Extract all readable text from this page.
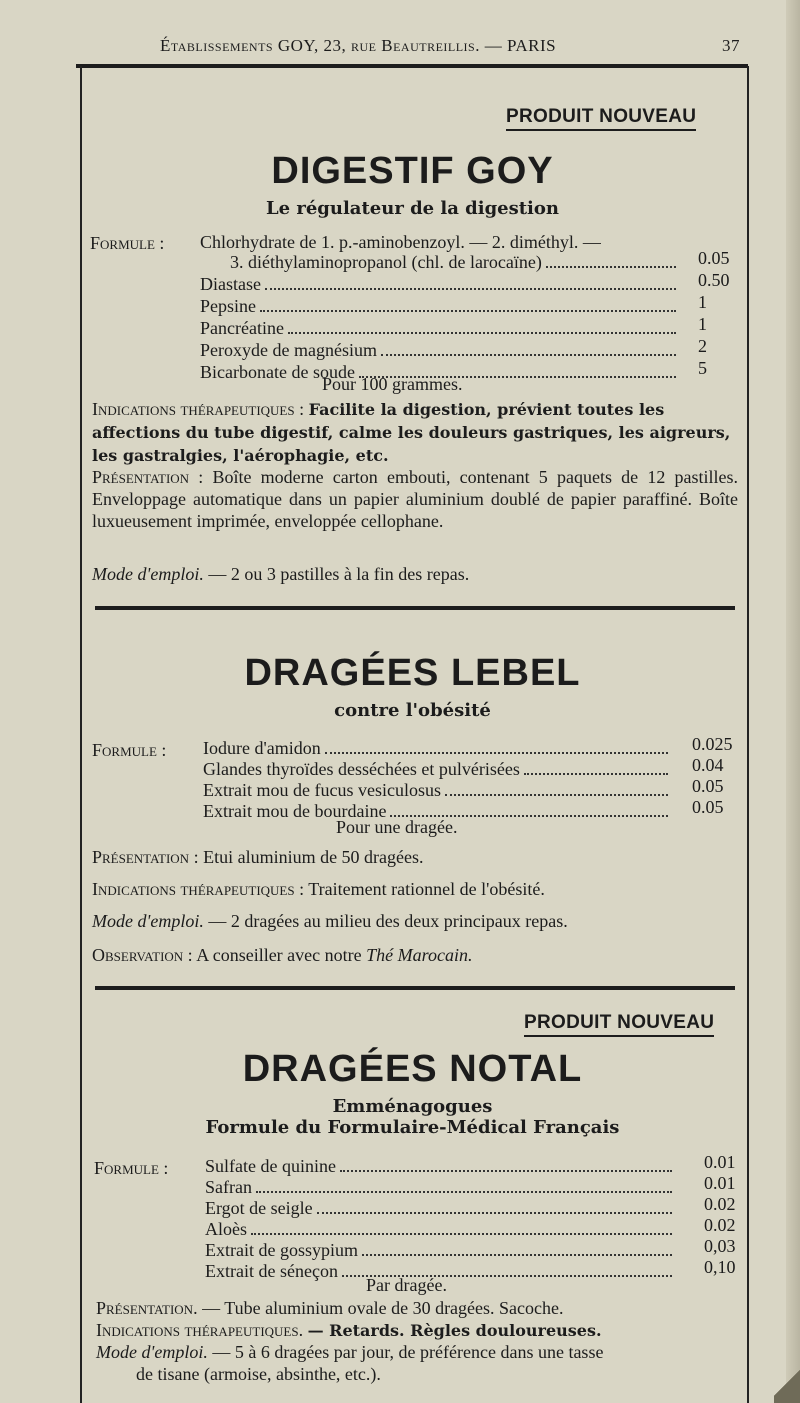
Établissements GOY, 23, rue Beautreillis. — PARIS	37
PRODUIT NOUVEAU
DIGESTIF GOY
Le régulateur de la digestion
Formule : Chlorhydrate de 1. p.-aminobenzoyl. — 2. diméthyl. —
3. diéthylaminopropanol (chl. de larocaïne)	0.05
Diastase	0.50
Pepsine	1
Pancréatine	1
Peroxyde de magnésium	2
Bicarbonate de soude	5
Pour 100 grammes.
Indications thérapeutiques : Facilite la digestion, prévient toutes les affections du tube digestif, calme les douleurs gastriques, les aigreurs, les gastralgies, l'aérophagie, etc.
Présentation : Boîte moderne carton embouti, contenant 5 paquets de 12 pastilles. Enveloppage automatique dans un papier aluminium doublé de papier paraffiné. Boîte luxueusement imprimée, enveloppée cellophane.
Mode d'emploi. — 2 ou 3 pastilles à la fin des repas.
DRAGÉES LEBEL
contre l'obésité
Formule : Iodure d'amidon	0.025
Glandes thyroïdes desséchées et pulvérisées	0.04
Extrait mou de fucus vesiculosus	0.05
Extrait mou de bourdaine	0.05
Pour une dragée.
Présentation : Etui aluminium de 50 dragées.
Indications thérapeutiques : Traitement rationnel de l'obésité.
Mode d'emploi. — 2 dragées au milieu des deux principaux repas.
Observation : A conseiller avec notre Thé Marocain.
PRODUIT NOUVEAU
DRAGÉES NOTAL
Emménagogues
Formule du Formulaire-Médical Français
Formule : Sulfate de quinine	0.01
Safran	0.01
Ergot de seigle	0.02
Aloès	0.02
Extrait de gossypium	0,03
Extrait de séneçon	0,10
Par dragée.
Présentation. — Tube aluminium ovale de 30 dragées. Sacoche.
Indications thérapeutiques. — Retards. Règles douloureuses.
Mode d'emploi. — 5 à 6 dragées par jour, de préférence dans une tasse
de tisane (armoise, absinthe, etc.).
